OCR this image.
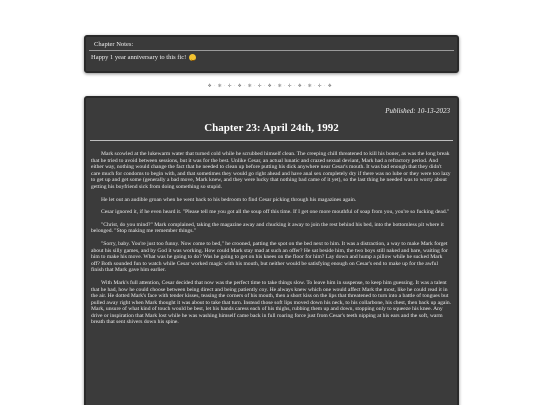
Chapter Notes:
Happy 1 year anniversary to this fic!
❖ · ✻ · ✢ · ❖ · ✻ · ✢ · ❖ · ✻ · ✢ · ❖ · ✻ · ✢ · ❖
Published: 10-13-2023
Chapter 23: April 24th, 1992

Mark scowled at the lukewarm water that turned cold while he scrubbed himself clean. The creeping chill threatened to kill his boner, as was the long break that he tried to avoid between sessions, but it was for the best. Unlike Cesar, an actual lunatic and crazed sexual deviant, Mark had a refractory period. And either way, nothing would change the fact that he needed to clean up before putting his dick anywhere near Cesar's mouth. It was bad enough that they didn't care much for condoms to begin with, and that sometimes they would go right ahead and have anal sex completely dry if there was no lube or they were too lazy to get up and get some (generally a bad move, Mark knew, and they were lucky that nothing bad came of it yet), so the last thing he needed was to worry about getting his boyfriend sick from doing something so stupid.

He let out an audible groan when he went back to his bedroom to find Cesar picking through his magazines again.

Cesar ignored it, if he even heard it. "Please tell me you got all the soup off this time. If I get one more mouthful of soap from you, you're so fucking dead."

"Christ, do you mind?" Mark complained, taking the magazine away and chucking it away to join the rest behind his bed, into the bottomless pit where it belonged. "Stop making me remember things."

"Sorry, baby. You're just too funny. Now come to bed," he crooned, patting the spot on the bed next to him. It was a distraction, a way to make Mark forget about his silly games, and by God it was working. How could Mark stay mad at such an offer? He sat beside him, the two boys still naked and bare, waiting for him to make his move. What was he going to do? Was he going to get on his knees on the floor for him? Lay down and hump a pillow while he sucked Mark off? Both sounded fun to watch while Cesar worked magic with his mouth, but neither would be satisfying enough on Cesar's end to make up for the awful finish that Mark gave him earlier.

With Mark's full attention, Cesar decided that now was the perfect time to take things slow. To leave him in suspense, to keep him guessing. It was a talent that he had, how he could choose between being direct and being patiently coy. He always knew which one would affect Mark the most, like he could read it in the air. He dotted Mark's face with tender kisses, teasing the corners of his mouth, then a short kiss on the lips that threatened to turn into a battle of tongues but pulled away right when Mark thought it was about to take that turn. Instead those soft lips moved down his neck, to his collarbone, his chest, then back up again. Mark, unsure of what kind of touch would be best, let his hands caress each of his thighs, rubbing them up and down, stopping only to squeeze his knee. Any drive or inspiration that Mark lost while he was washing himself came back in full roaring force just from Cesar's teeth nipping at his ears and the soft, warm breath that sent shivers down his spine.
